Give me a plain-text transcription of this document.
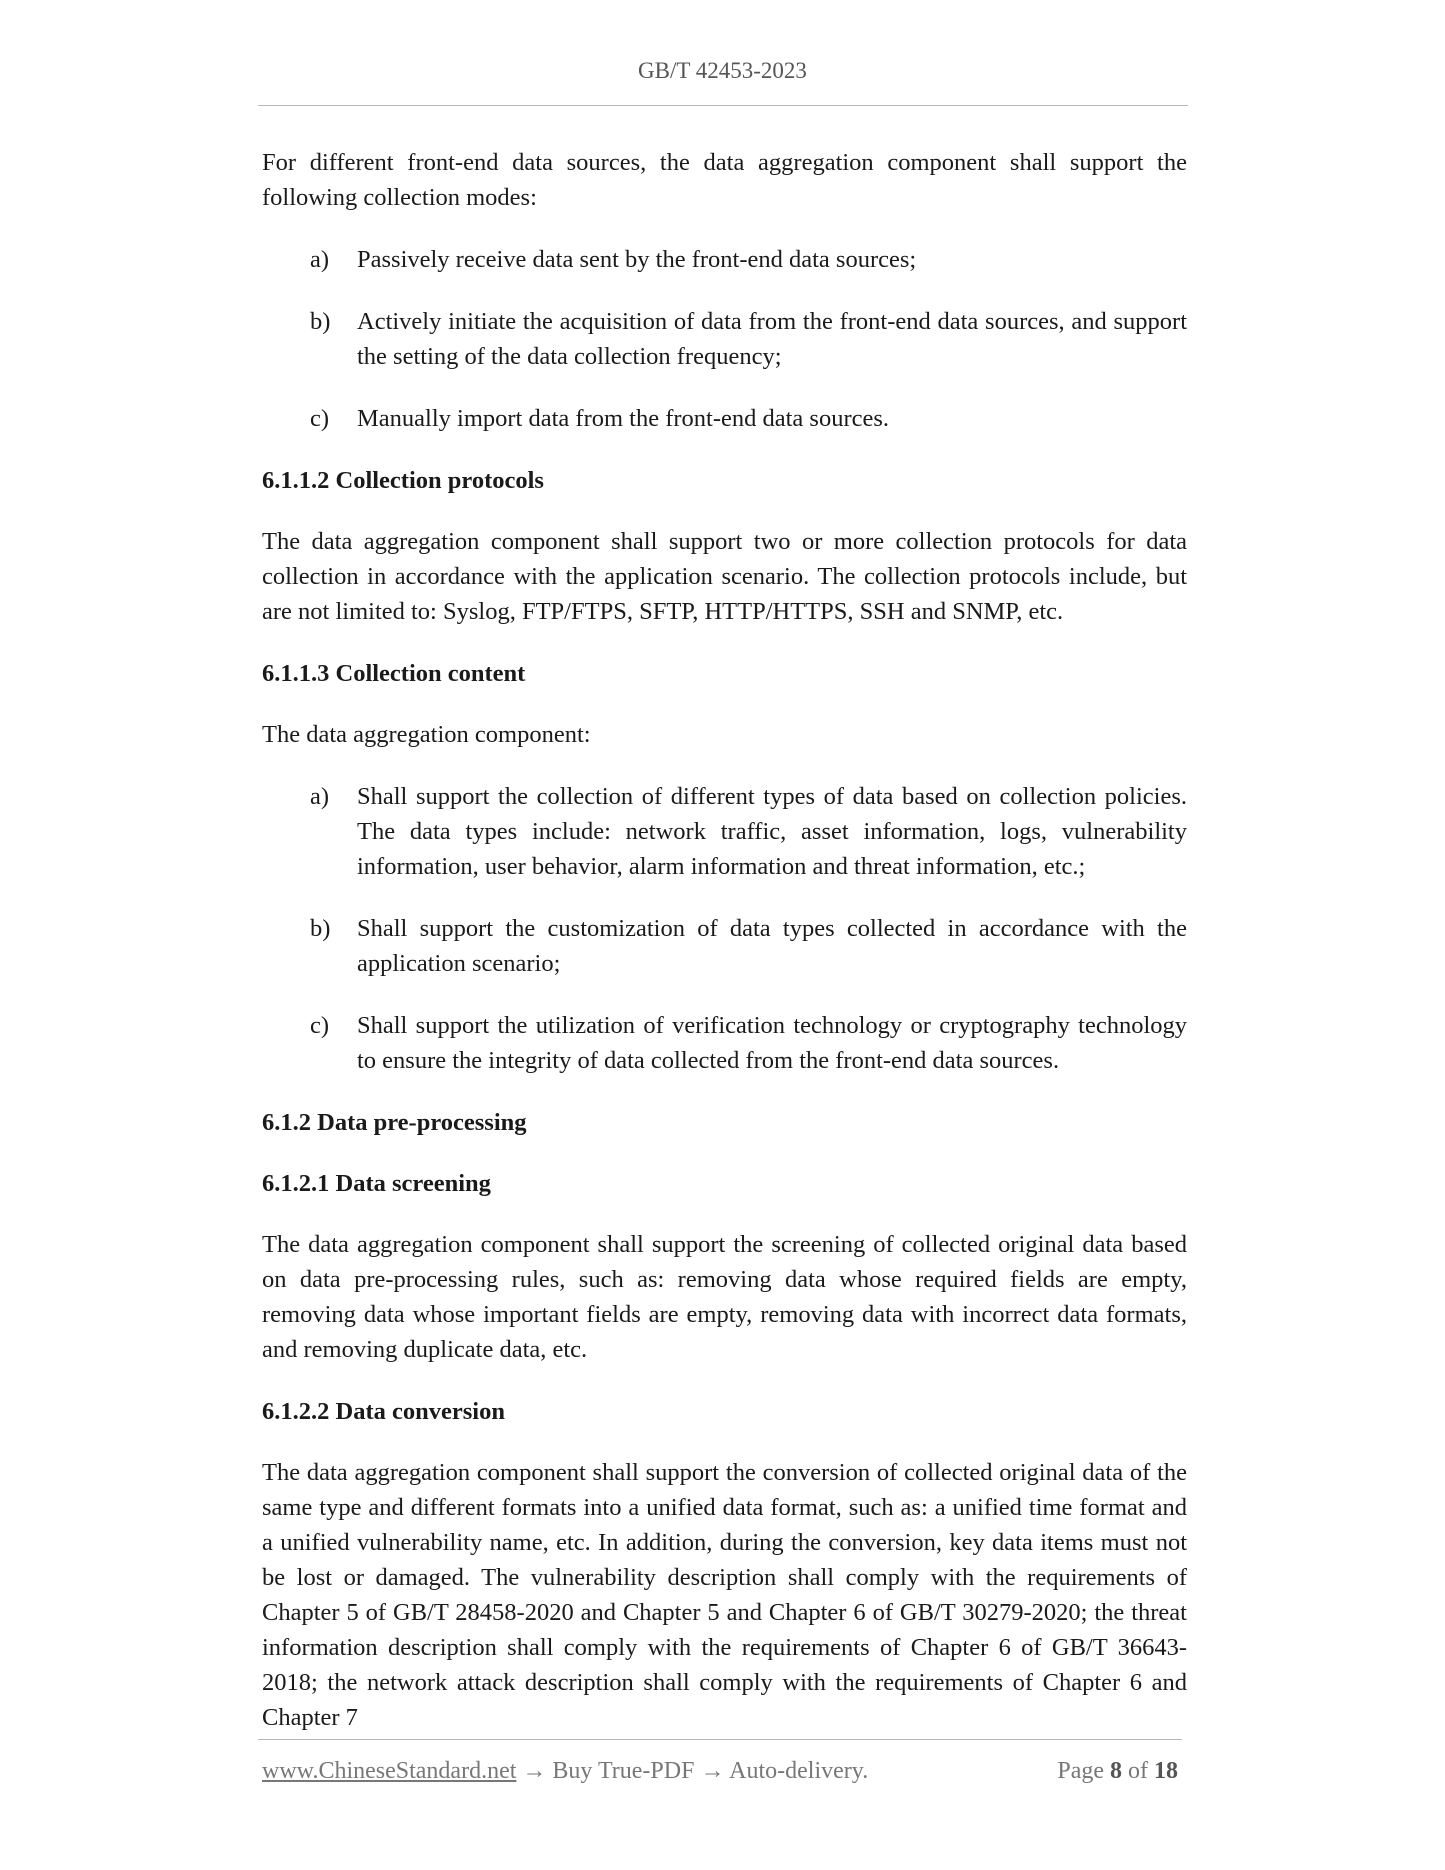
GB/T 42453-2023

For different front-end data sources, the data aggregation component shall support the following collection modes:

a) Passively receive data sent by the front-end data sources;
b) Actively initiate the acquisition of data from the front-end data sources, and support the setting of the data collection frequency;
c) Manually import data from the front-end data sources.
6.1.1.2 Collection protocols

The data aggregation component shall support two or more collection protocols for data collection in accordance with the application scenario. The collection protocols include, but are not limited to: Syslog, FTP/FTPS, SFTP, HTTP/HTTPS, SSH and SNMP, etc.

6.1.1.3 Collection content

The data aggregation component:

a) Shall support the collection of different types of data based on collection policies. The data types include: network traffic, asset information, logs, vulnerability information, user behavior, alarm information and threat information, etc.;
b) Shall support the customization of data types collected in accordance with the application scenario;
c) Shall support the utilization of verification technology or cryptography technology to ensure the integrity of data collected from the front-end data sources.
6.1.2 Data pre-processing
6.1.2.1 Data screening

The data aggregation component shall support the screening of collected original data based on data pre-processing rules, such as: removing data whose required fields are empty, removing data whose important fields are empty, removing data with incorrect data formats, and removing duplicate data, etc.

6.1.2.2 Data conversion

The data aggregation component shall support the conversion of collected original data of the same type and different formats into a unified data format, such as: a unified time format and a unified vulnerability name, etc. In addition, during the conversion, key data items must not be lost or damaged. The vulnerability description shall comply with the requirements of Chapter 5 of GB/T 28458-2020 and Chapter 5 and Chapter 6 of GB/T 30279-2020; the threat information description shall comply with the requirements of Chapter 6 of GB/T 36643-2018; the network attack description shall comply with the requirements of Chapter 6 and Chapter 7

www.ChineseStandard.net → Buy True-PDF → Auto-delivery.	Page 8 of 18
